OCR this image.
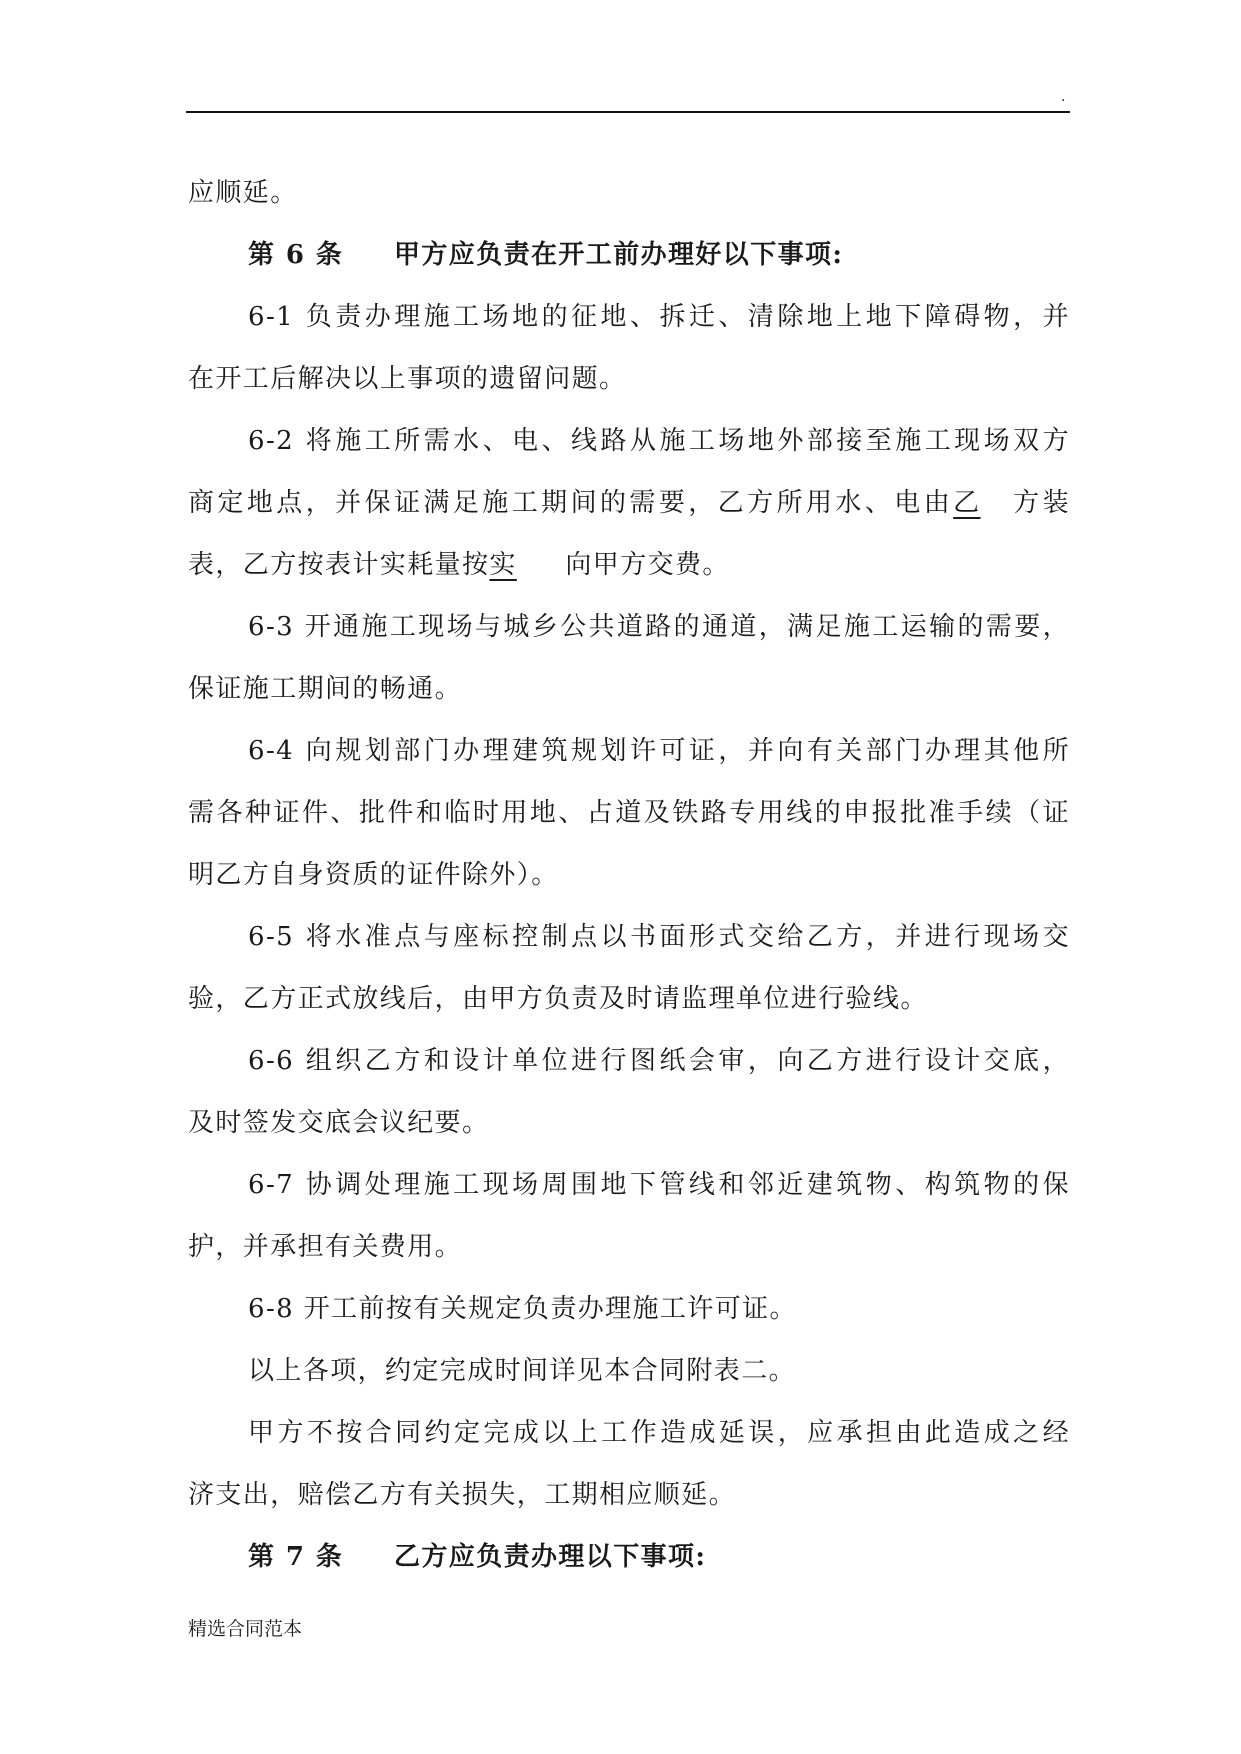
.
应顺延。
第 6 条 甲方应负责在开工前办理好以下事项:
6-1 负责办理施工场地的征地、拆迁、清除地上地下障碍物，并
在开工后解决以上事项的遗留问题。
6-2 将施工所需水、电、线路从施工场地外部接至施工现场双方
商定地点，并保证满足施工期间的需要，乙方所用水、电由乙 方装
表，乙方按表计实耗量按实 向甲方交费。
6-3 开通施工现场与城乡公共道路的通道，满足施工运输的需要，
保证施工期间的畅通。
6-4 向规划部门办理建筑规划许可证，并向有关部门办理其他所
需各种证件、批件和临时用地、占道及铁路专用线的申报批准手续（证
明乙方自身资质的证件除外）。
6-5 将水准点与座标控制点以书面形式交给乙方，并进行现场交
验，乙方正式放线后，由甲方负责及时请监理单位进行验线。
6-6 组织乙方和设计单位进行图纸会审，向乙方进行设计交底，
及时签发交底会议纪要。
6-7 协调处理施工现场周围地下管线和邻近建筑物、构筑物的保
护，并承担有关费用。
6-8 开工前按有关规定负责办理施工许可证。
以上各项，约定完成时间详见本合同附表二。
甲方不按合同约定完成以上工作造成延误，应承担由此造成之经
济支出，赔偿乙方有关损失，工期相应顺延。
第 7 条 乙方应负责办理以下事项:
精选合同范本
